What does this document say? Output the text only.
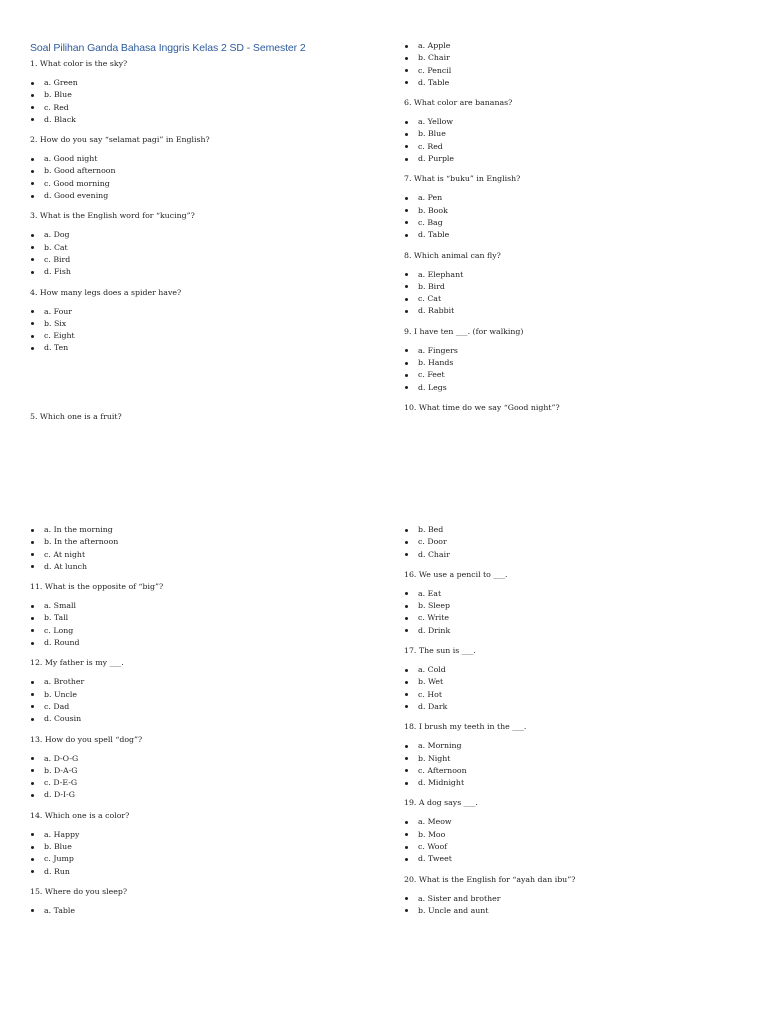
Soal Pilihan Ganda Bahasa Inggris Kelas 2 SD - Semester 2
1. What color is the sky?
a. Green
b. Blue
c. Red
d. Black
2. How do you say “selamat pagi” in English?
a. Good night
b. Good afternoon
c. Good morning
d. Good evening
3. What is the English word for “kucing”?
a. Dog
b. Cat
c. Bird
d. Fish
4. How many legs does a spider have?
a. Four
b. Six
c. Eight
d. Ten
5. Which one is a fruit?
a. Apple
b. Chair
c. Pencil
d. Table
6. What color are bananas?
a. Yellow
b. Blue
c. Red
d. Purple
7. What is “buku” in English?
a. Pen
b. Book
c. Bag
d. Table
8. Which animal can fly?
a. Elephant
b. Bird
c. Cat
d. Rabbit
9. I have ten ___. (for walking)
a. Fingers
b. Hands
c. Feet
d. Legs
10. What time do we say “Good night”?
a. In the morning
b. In the afternoon
c. At night
d. At lunch
11. What is the opposite of “big”?
a. Small
b. Tall
c. Long
d. Round
12. My father is my ___.
a. Brother
b. Uncle
c. Dad
d. Cousin
13. How do you spell “dog”?
a. D-O-G
b. D-A-G
c. D-E-G
d. D-I-G
14. Which one is a color?
a. Happy
b. Blue
c. Jump
d. Run
15. Where do you sleep?
a. Table
b. Bed
c. Door
d. Chair
16. We use a pencil to ___.
a. Eat
b. Sleep
c. Write
d. Drink
17. The sun is ___.
a. Cold
b. Wet
c. Hot
d. Dark
18. I brush my teeth in the ___.
a. Morning
b. Night
c. Afternoon
d. Midnight
19. A dog says ___.
a. Meow
b. Moo
c. Woof
d. Tweet
20. What is the English for “ayah dan ibu”?
a. Sister and brother
b. Uncle and aunt
